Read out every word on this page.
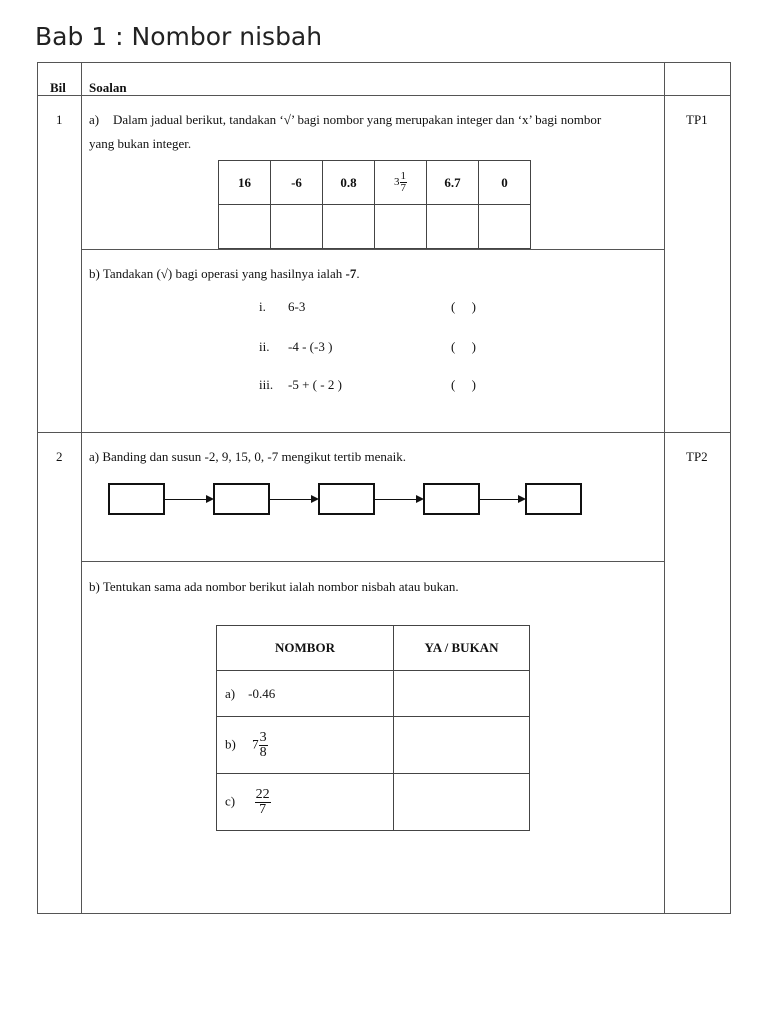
Bab 1 : Nombor nisbah
Bil Soalan
1	TP1
a) Dalam jadual berikut, tandakan ‘√’ bagi nombor yang merupakan integer dan ‘x’ bagi nombor
yang bukan integer.
16	-6	0.8	$3 \frac{1}{7}$	6.7	0

b) Tandakan (√) bagi operasi yang hasilnya ialah -7.
i. 6-3	(     )
ii. -4 - (-3 )	(     )
iii. -5 + ( - 2 )	(     )
2	TP2
a) Banding dan susun -2, 9, 15, 0, -7 mengikut tertib menaik.
b) Tentukan sama ada nombor berikut ialah nombor nisbah atau bukan.
NOMBOR	YA / BUKAN
a) -0.46	
b) $7 \frac{3}{8}$

$c) \frac{22}{7}$
